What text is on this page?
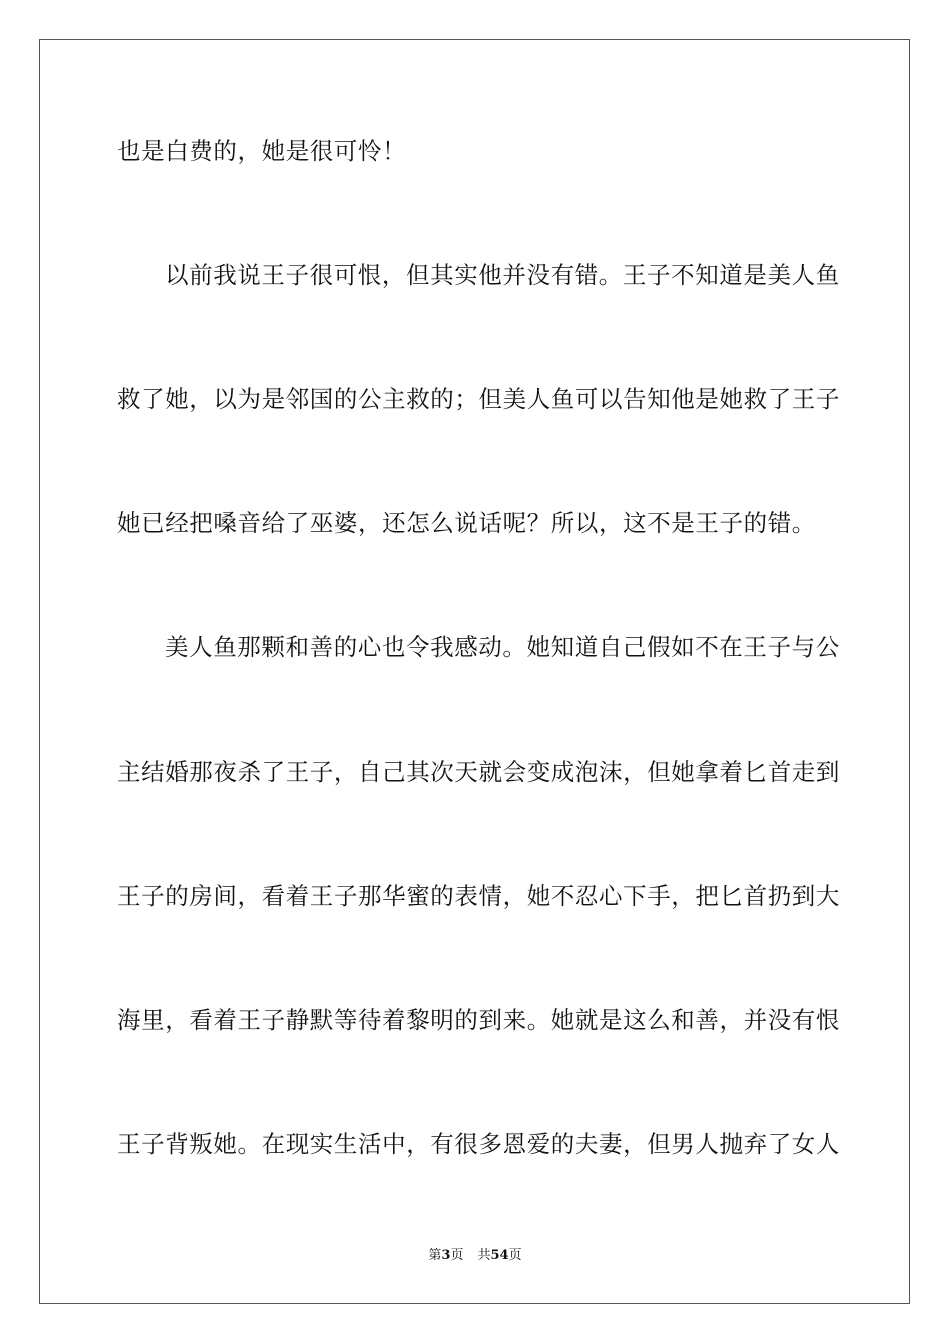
也是白费的，她是很可怜！
以前我说王子很可恨，但其实他并没有错。王子不知道是美人鱼
救了她，以为是邻国的公主救的；但美人鱼可以告知他是她救了王子
她已经把嗓音给了巫婆，还怎么说话呢？所以，这不是王子的错。
美人鱼那颗和善的心也令我感动。她知道自己假如不在王子与公
主结婚那夜杀了王子，自己其次天就会变成泡沫，但她拿着匕首走到
王子的房间，看着王子那华蜜的表情，她不忍心下手，把匕首扔到大
海里，看着王子静默等待着黎明的到来。她就是这么和善，并没有恨
王子背叛她。在现实生活中，有很多恩爱的夫妻，但男人抛弃了女人
第3页 共54页
